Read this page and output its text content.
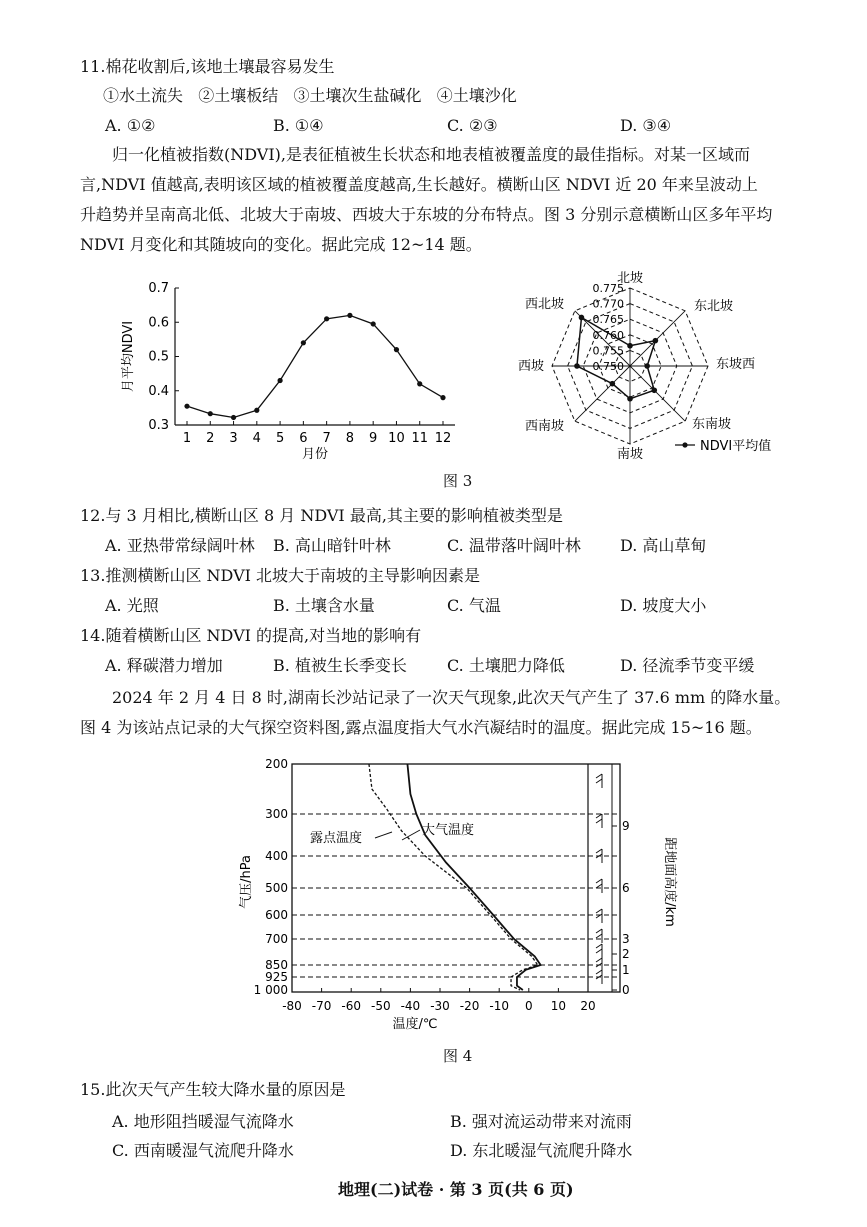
11.棉花收割后,该地土壤最容易发生
①水土流失   ②土壤板结   ③土壤次生盐碱化   ④土壤沙化
A. ①②	B. ①④	C. ②③	D. ③④
归一化植被指数(NDVI),是表征植被生长状态和地表植被覆盖度的最佳指标。对某一区域而
言,NDVI 值越高,表明该区域的植被覆盖度越高,生长越好。横断山区 NDVI 近 20 年来呈波动上
升趋势并呈南高北低、北坡大于南坡、西坡大于东坡的分布特点。图 3 分别示意横断山区多年平均
NDVI 月变化和其随坡向的变化。据此完成 12~14 题。
0.3
0.4
0.5
0.6
0.7
1 2 3 4 5 6 7 8 9 10 11 12
月份
月平均NDVI	0.750
0.755
0.760
0.765
0.770
0.775
北坡
东北坡
东坡西
东南坡
南坡
西南坡
西坡
西北坡
NDVI平均值
图 3
12.与 3 月相比,横断山区 8 月 NDVI 最高,其主要的影响植被类型是
A. 亚热带常绿阔叶林 B. 高山暗针叶林	C. 温带落叶阔叶林 D. 高山草甸
13.推测横断山区 NDVI 北坡大于南坡的主导影响因素是
A. 光照	B. 土壤含水量	C. 气温	D. 坡度大小
14.随着横断山区 NDVI 的提高,对当地的影响有
A. 释碳潜力增加	B. 植被生长季变长	C. 土壤肥力降低	D. 径流季节变平缓
2024 年 2 月 4 日 8 时,湖南长沙站记录了一次天气现象,此次天气产生了 37.6 mm 的降水量。
图 4 为该站点记录的大气探空资料图,露点温度指大气水汽凝结时的温度。据此完成 15~16 题。
200
300
400
500
600
700
850
925
1 000
-80 -70 -60 -50 -40 -30 -20 -10 0 10 20
温度/℃
气压/hPa
9
6
3
2
1
0
距地面高度/km
大气温度
露点温度
图 4
15.此次天气产生较大降水量的原因是
A. 地形阻挡暖湿气流降水	B. 强对流运动带来对流雨
C. 西南暖湿气流爬升降水	D. 东北暖湿气流爬升降水
地理(二)试卷 · 第 3 页(共 6 页)
